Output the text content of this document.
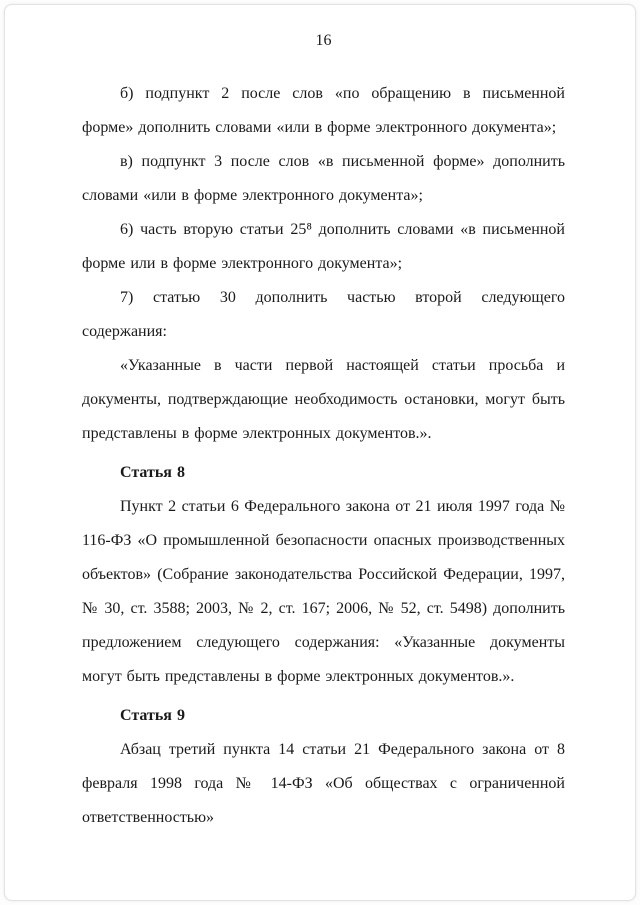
16

б) подпункт 2 после слов «по обращению в письменной форме» дополнить словами «или в форме электронного документа»;

в) подпункт 3 после слов «в письменной форме» дополнить словами «или в форме электронного документа»;

6) часть вторую статьи 25⁸ дополнить словами «в письменной форме или в форме электронного документа»;

7) статью 30 дополнить частью второй следующего содержания:

«Указанные в части первой настоящей статьи просьба и документы, подтверждающие необходимость остановки, могут быть представлены в форме электронных документов.».

Статья 8

Пункт 2 статьи 6 Федерального закона от 21 июля 1997 года № 116-ФЗ «О промышленной безопасности опасных производственных объектов» (Собрание законодательства Российской Федерации, 1997, № 30, ст. 3588; 2003, № 2, ст. 167; 2006, № 52, ст. 5498) дополнить предложением следующего содержания: «Указанные документы могут быть представлены в форме электронных документов.».

Статья 9

Абзац третий пункта 14 статьи 21 Федерального закона от 8 февраля 1998 года № 14-ФЗ «Об обществах с ограниченной ответственностью»
